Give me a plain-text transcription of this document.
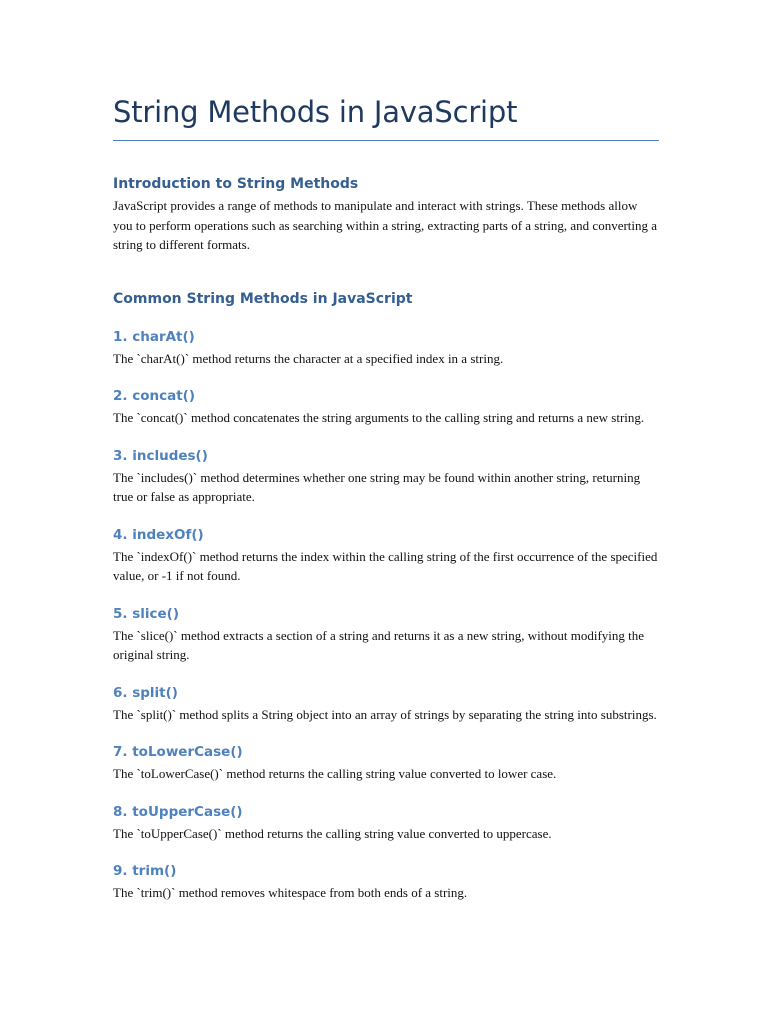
String Methods in JavaScript
Introduction to String Methods

JavaScript provides a range of methods to manipulate and interact with strings. These methods allow you to perform operations such as searching within a string, extracting parts of a string, and converting a string to different formats.

Common String Methods in JavaScript
1. charAt()

The `charAt()` method returns the character at a specified index in a string.

2. concat()

The `concat()` method concatenates the string arguments to the calling string and returns a new string.

3. includes()

The `includes()` method determines whether one string may be found within another string, returning true or false as appropriate.

4. indexOf()

The `indexOf()` method returns the index within the calling string of the first occurrence of the specified value, or -1 if not found.

5. slice()

The `slice()` method extracts a section of a string and returns it as a new string, without modifying the original string.

6. split()

The `split()` method splits a String object into an array of strings by separating the string into substrings.

7. toLowerCase()

The `toLowerCase()` method returns the calling string value converted to lower case.

8. toUpperCase()

The `toUpperCase()` method returns the calling string value converted to uppercase.

9. trim()

The `trim()` method removes whitespace from both ends of a string.
